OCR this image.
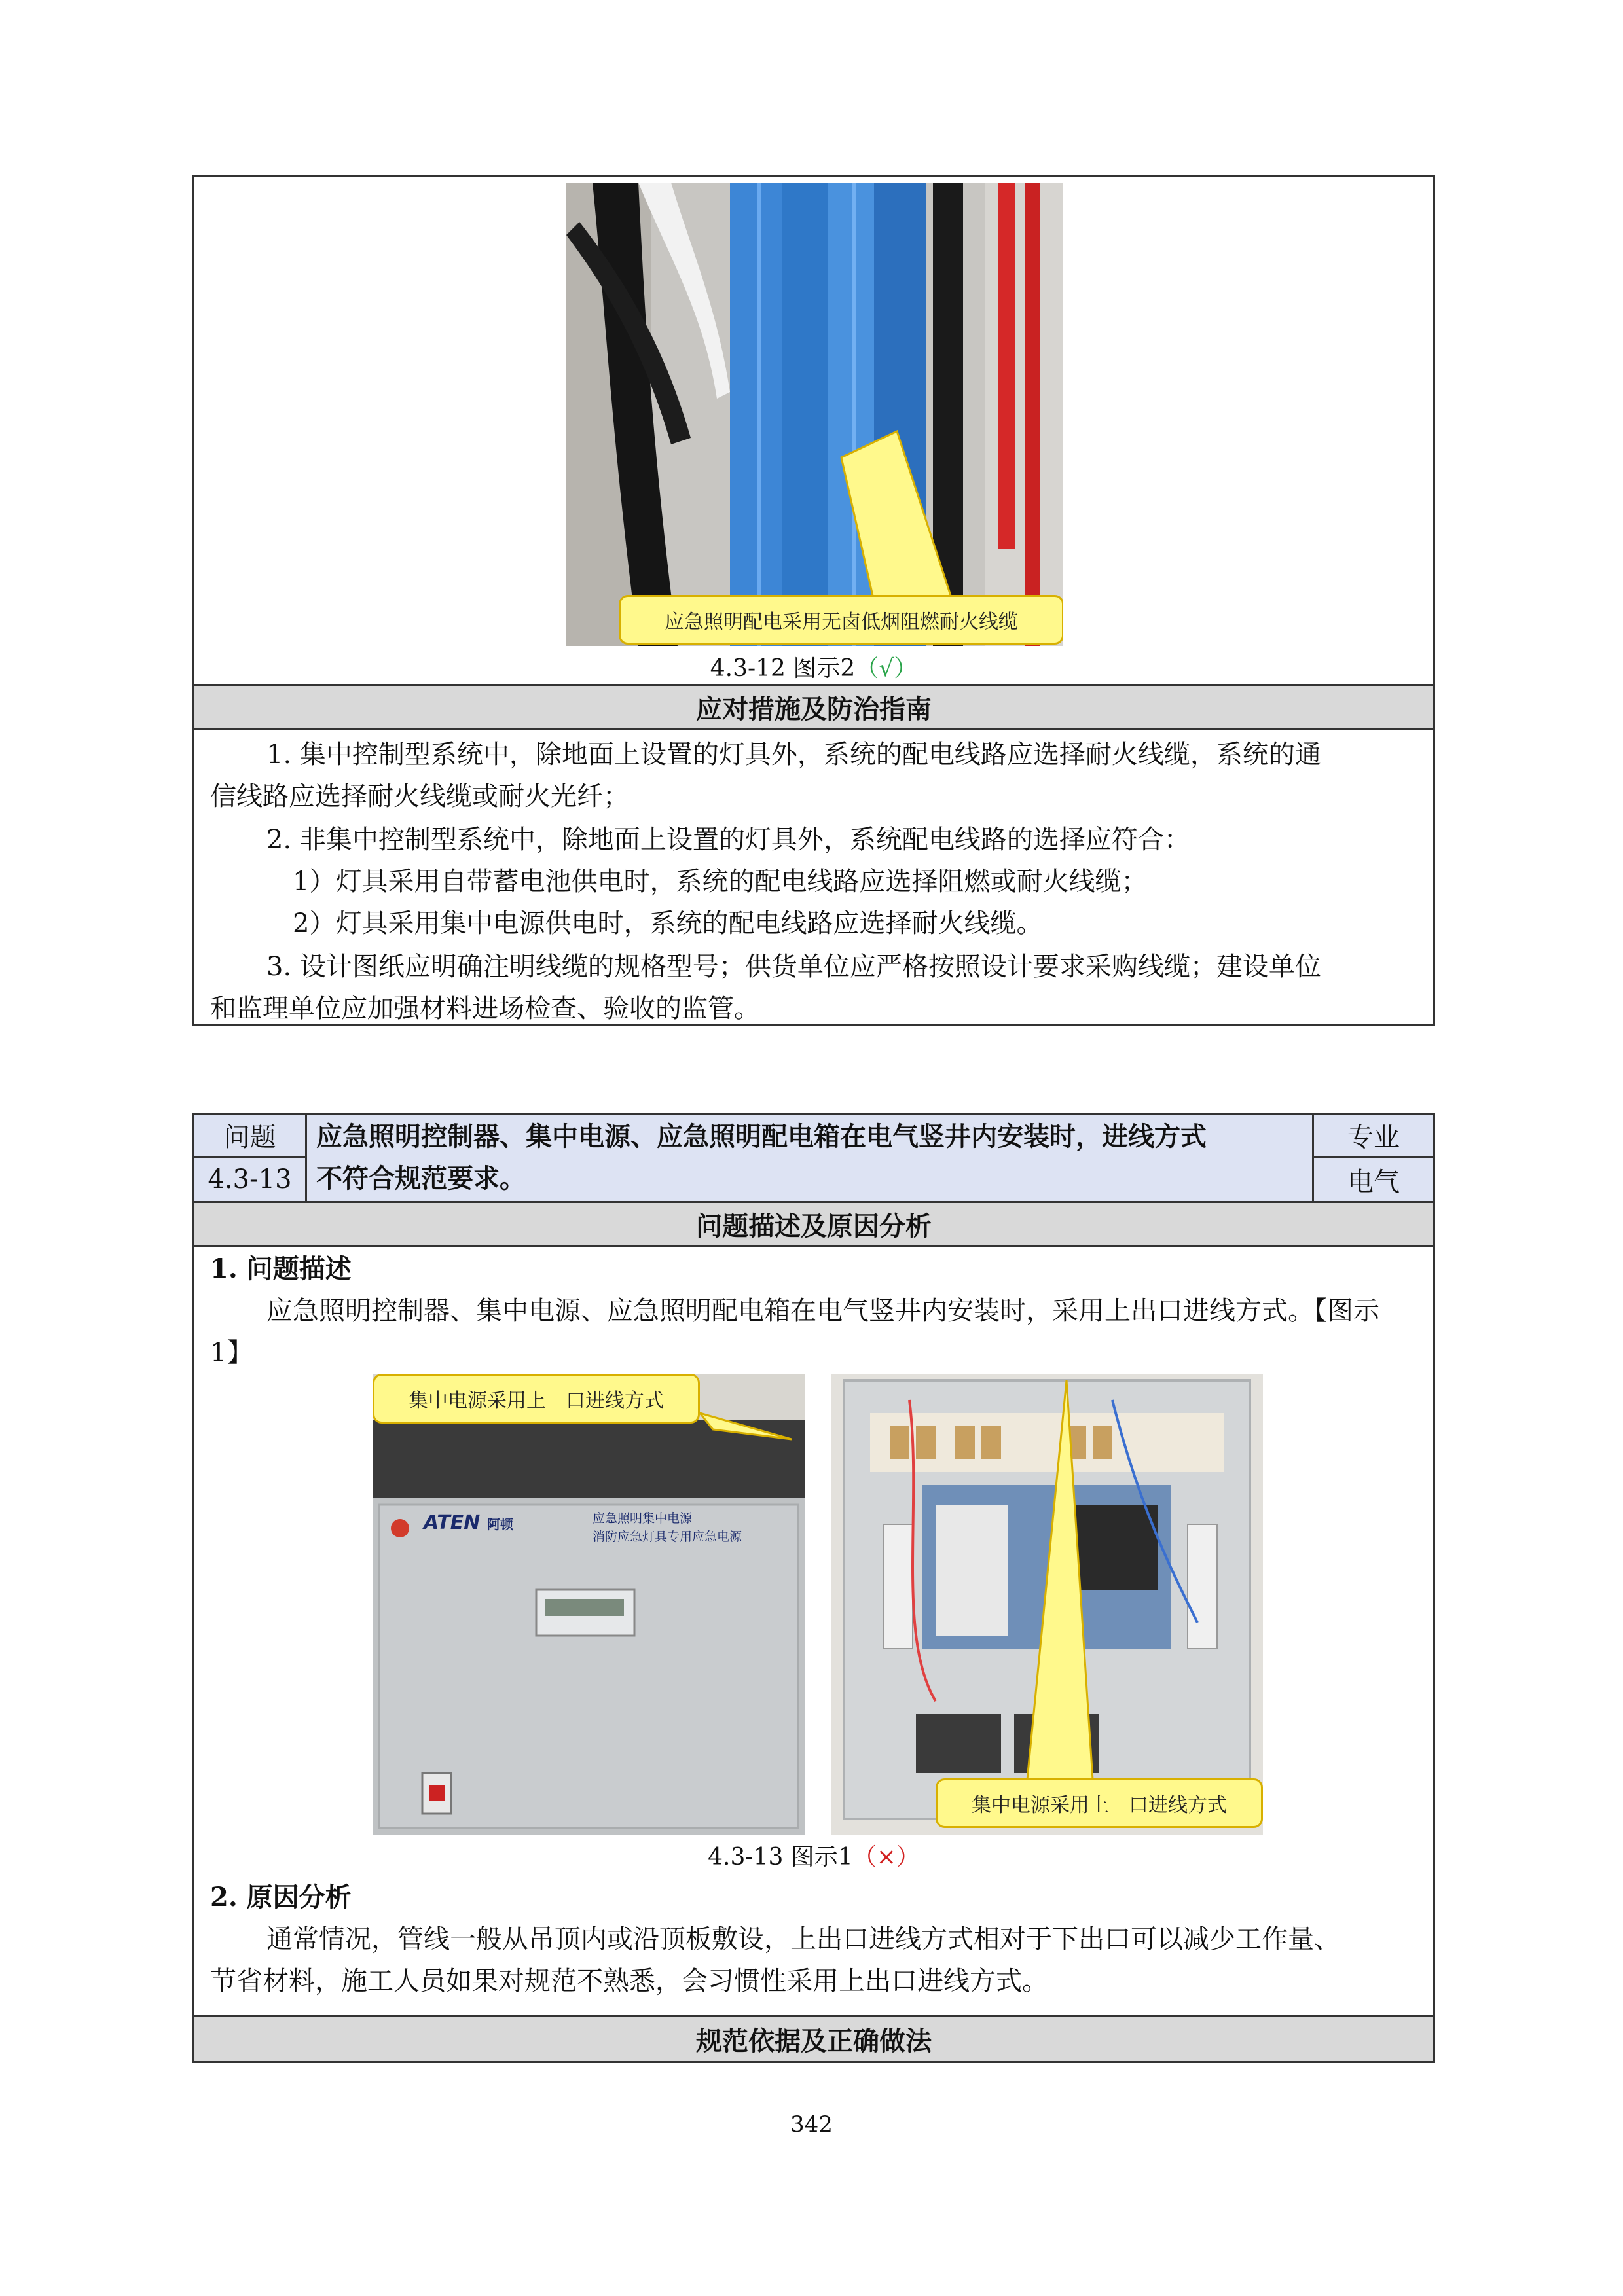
应急照明配电采用无卤低烟阻燃耐火线缆
4.3-12 图示2（√）
应对措施及防治指南
1. 集中控制型系统中，除地面上设置的灯具外，系统的配电线路应选择耐火线缆，系统的通
信线路应选择耐火线缆或耐火光纤；
2. 非集中控制型系统中，除地面上设置的灯具外，系统配电线路的选择应符合：
1）灯具采用自带蓄电池供电时，系统的配电线路应选择阻燃或耐火线缆；
2）灯具采用集中电源供电时，系统的配电线路应选择耐火线缆。
3. 设计图纸应明确注明线缆的规格型号；供货单位应严格按照设计要求采购线缆；建设单位
和监理单位应加强材料进场检查、验收的监管。
问题
4.3-13
应急照明控制器、集中电源、应急照明配电箱在电气竖井内安装时，进线方式
不符合规范要求。
专业
电气
问题描述及原因分析
1. 问题描述
应急照明控制器、集中电源、应急照明配电箱在电气竖井内安装时，采用上出口进线方式。【图示
1】
ATEN 阿顿	应急照明集中电源
消防应急灯具专用应急电源
集中电源采用上　口进线方式
集中电源采用上　口进线方式
4.3-13 图示1（×）
2. 原因分析
通常情况，管线一般从吊顶内或沿顶板敷设，上出口进线方式相对于下出口可以减少工作量、
节省材料，施工人员如果对规范不熟悉，会习惯性采用上出口进线方式。
规范依据及正确做法
342
